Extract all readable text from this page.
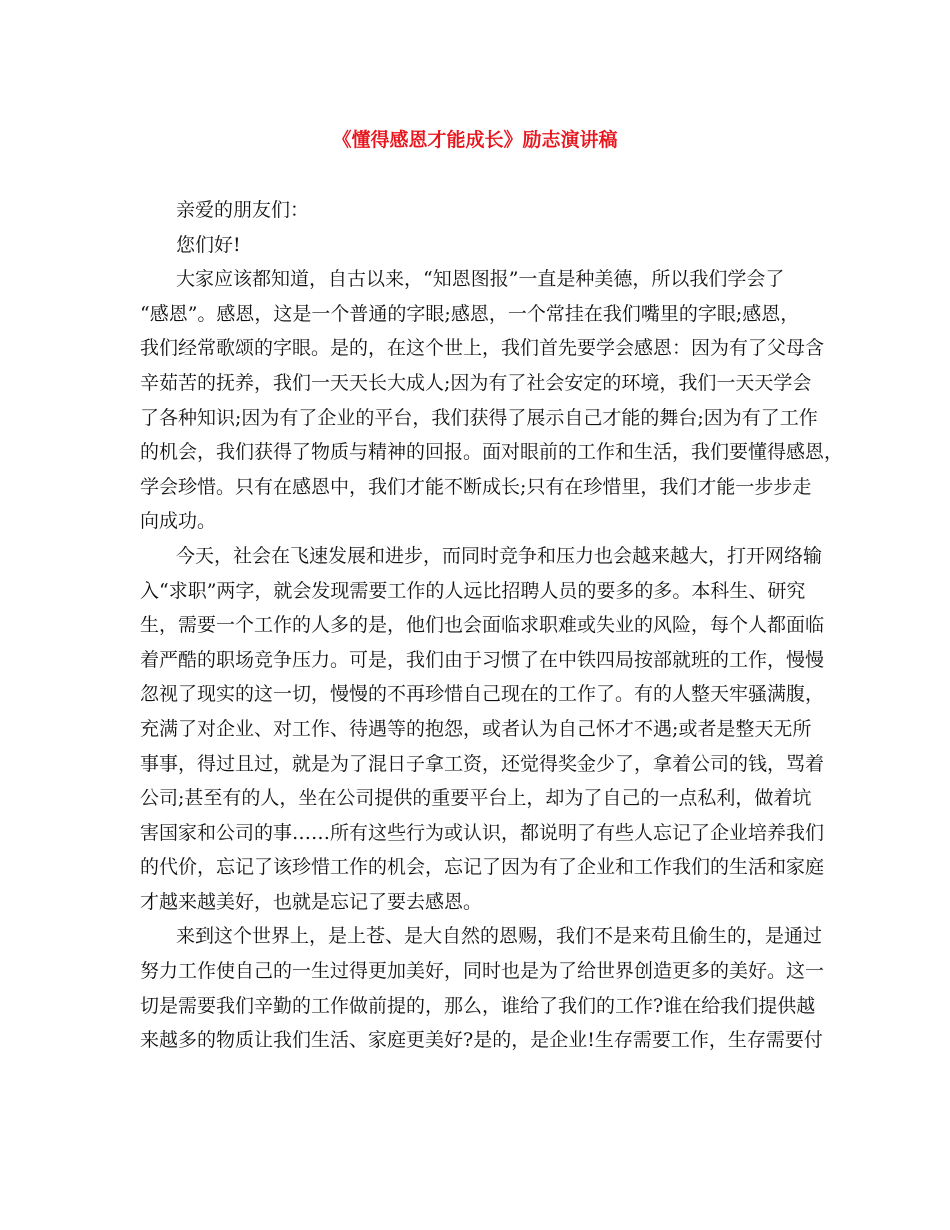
《懂得感恩才能成长》励志演讲稿
亲爱的朋友们：
您们好!
大家应该都知道，自古以来，“知恩图报”一直是种美德，所以我们学会了
“感恩”。感恩，这是一个普通的字眼;感恩，一个常挂在我们嘴里的字眼;感恩，
我们经常歌颂的字眼。是的，在这个世上，我们首先要学会感恩：因为有了父母含
辛茹苦的抚养，我们一天天长大成人;因为有了社会安定的环境，我们一天天学会
了各种知识;因为有了企业的平台，我们获得了展示自己才能的舞台;因为有了工作
的机会，我们获得了物质与精神的回报。面对眼前的工作和生活，我们要懂得感恩，
学会珍惜。只有在感恩中，我们才能不断成长;只有在珍惜里，我们才能一步步走
向成功。
今天，社会在飞速发展和进步，而同时竞争和压力也会越来越大，打开网络输
入“求职”两字，就会发现需要工作的人远比招聘人员的要多的多。本科生、研究
生，需要一个工作的人多的是，他们也会面临求职难或失业的风险，每个人都面临
着严酷的职场竞争压力。可是，我们由于习惯了在中铁四局按部就班的工作，慢慢
忽视了现实的这一切，慢慢的不再珍惜自己现在的工作了。有的人整天牢骚满腹，
充满了对企业、对工作、待遇等的抱怨，或者认为自己怀才不遇;或者是整天无所
事事，得过且过，就是为了混日子拿工资，还觉得奖金少了，拿着公司的钱，骂着
公司;甚至有的人，坐在公司提供的重要平台上，却为了自己的一点私利，做着坑
害国家和公司的事……所有这些行为或认识，都说明了有些人忘记了企业培养我们
的代价，忘记了该珍惜工作的机会，忘记了因为有了企业和工作我们的生活和家庭
才越来越美好，也就是忘记了要去感恩。
来到这个世界上，是上苍、是大自然的恩赐，我们不是来苟且偷生的，是通过
努力工作使自己的一生过得更加美好，同时也是为了给世界创造更多的美好。这一
切是需要我们辛勤的工作做前提的，那么，谁给了我们的工作?谁在给我们提供越
来越多的物质让我们生活、家庭更美好?是的，是企业!生存需要工作，生存需要付
